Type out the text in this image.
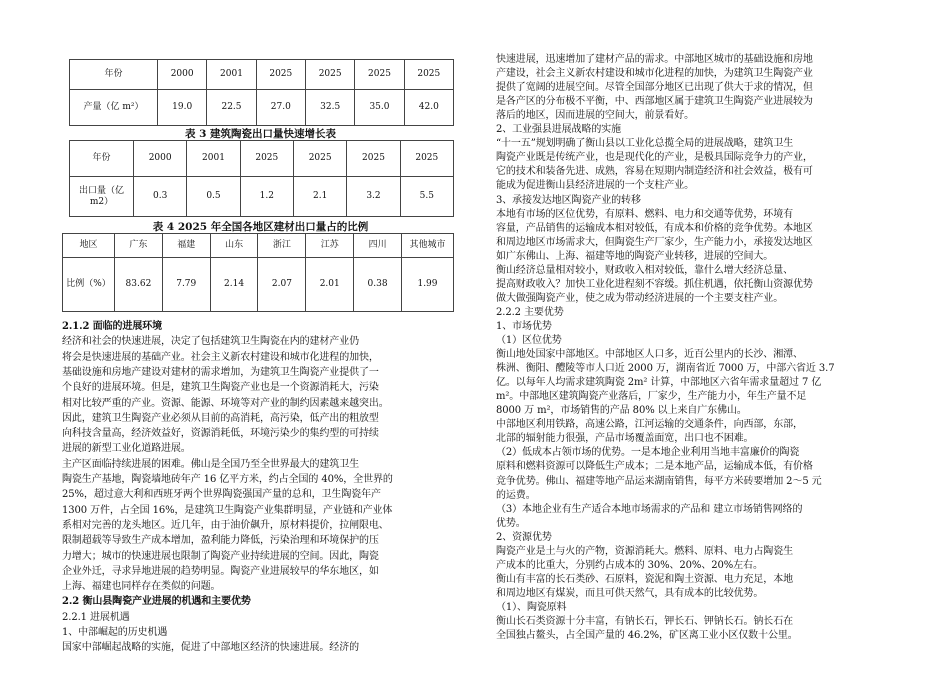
年份	2000	2001	2025	2025	2025	2025
产量（亿 m²）	19.0	22.5	27.0	32.5	35.0	42.0
表 3 建筑陶瓷出口量快速增长表
年份	2000	2001	2025	2025	2025	2025
出口量（亿 m2）	0.3	0.5	1.2	2.1	3.2	5.5
表 4 2025 年全国各地区建材出口量占的比例
地区	广东	福建	山东	浙江	江苏	四川	其他城市
比例（%）	83.62	7.79	2.14	2.07	2.01	0.38	1.99
2.1.2 面临的进展环境
经济和社会的快速进展，决定了包括建筑卫生陶瓷在内的建材产业仍
将会是快速进展的基础产业。社会主义新农村建设和城市化进程的加快，
基础设施和房地产建设对建材的需求增加，为建筑卫生陶瓷产业提供了一
个良好的进展环境。但是，建筑卫生陶瓷产业也是一个资源消耗大，污染
相对比较严重的产业。资源、能源、环境等对产业的制约因素越来越突出。
因此，建筑卫生陶瓷产业必须从目前的高消耗，高污染，低产出的粗放型
向科技含量高，经济效益好，资源消耗低，环境污染少的集约型的可持续
进展的新型工业化道路进展。
主产区面临持续进展的困难。佛山是全国乃至全世界最大的建筑卫生
陶瓷生产基地，陶瓷墙地砖年产 16 亿平方米，约占全国的 40%，全世界的
25%，超过意大利和西班牙两个世界陶瓷强国产量的总和，卫生陶瓷年产
1300 万件，占全国 16%，是建筑卫生陶瓷产业集群明显，产业链和产业体
系相对完善的龙头地区。近几年，由于油价飙升，原材料提价，拉闸限电、
限制超载等导致生产成本增加，盈利能力降低，污染治理和环境保护的压
力增大；城市的快速进展也限制了陶瓷产业持续进展的空间。因此，陶瓷
企业外迁，寻求异地进展的趋势明显。陶瓷产业进展较早的华东地区，如
上海、福建也同样存在类似的问题。
2.2 衡山县陶瓷产业进展的机遇和主要优势
2.2.1 进展机遇
1、中部崛起的历史机遇
国家中部崛起战略的实施，促进了中部地区经济的快速进展。经济的
快速进展，迅速增加了建材产品的需求。中部地区城市的基础设施和房地
产建设，社会主义新农村建设和城市化进程的加快，为建筑卫生陶瓷产业
提供了宽阔的进展空间。尽管全国部分地区已出现了供大于求的情况，但
是各产区的分布极不平衡，中、西部地区属于建筑卫生陶瓷产业进展较为
落后的地区，因而进展的空间大，前景看好。
2、工业强县进展战略的实施
“十一五”规划明确了衡山县以工业化总揽全局的进展战略，建筑卫生
陶瓷产业既是传统产业，也是现代化的产业，是极具国际竞争力的产业，
它的技术和装备先进、成熟，容易在短期内制造经济和社会效益，极有可
能成为促进衡山县经济进展的一个支柱产业。
3、承接发达地区陶瓷产业的转移
本地有市场的区位优势，有原料、燃料、电力和交通等优势，环境有
容量，产品销售的运输成本相对较低，有成本和价格的竞争优势。本地区
和周边地区市场需求大，但陶瓷生产厂家少，生产能力小，承接发达地区
如广东佛山、上海、福建等地的陶瓷产业转移，进展的空间大。
衡山经济总量相对较小，财政收入相对较低，靠什么增大经济总量、
提高财政收入？加快工业化进程刻不容缓。抓住机遇，依托衡山资源优势
做大做强陶瓷产业，使之成为带动经济进展的一个主要支柱产业。
2.2.2 主要优势
1、市场优势
（1）区位优势
衡山地处国家中部地区。中部地区人口多，近百公里内的长沙、湘潭、
株洲、衡阳、醴陵等市人口近 2000 万，湖南省近 7000 万，中部六省近 3.7
亿。以每年人均需求建筑陶瓷 2m² 计算，中部地区六省年需求量超过 7 亿
m²。中部地区建筑陶瓷产业落后，厂家少，生产能力小，年生产量不足
8000 万 m²，市场销售的产品 80% 以上来自广东佛山。
中部地区利用铁路，高速公路，江河运输的交通条件，向西部，东部，
北部的辐射能力很强，产品市场覆盖面宽，出口也不困难。
（2）低成本占领市场的优势。一是本地企业利用当地丰富廉价的陶瓷
原料和燃料资源可以降低生产成本；二是本地产品，运输成本低，有价格
竞争优势。佛山、福建等地产品运来湖南销售，每平方米砖要增加 2～5 元
的运费。
（3）本地企业有生产适合本地市场需求的产品和 建立市场销售网络的
优势。
2、资源优势
陶瓷产业是土与火的产物，资源消耗大。燃料、原料、电力占陶瓷生
产成本的比重大，分别约占成本的 30%、20%、20%左右。
衡山有丰富的长石类砂、石原料，瓷泥和陶土资源、电力充足，本地
和周边地区有煤炭，而且可供天然气，具有成本的比较优势。
（1）、陶瓷原料
衡山长石类资源十分丰富，有钠长石，钾长石、钾钠长石。钠长石在
全国独占鳌头，占全国产量的 46.2%，矿区离工业小区仅数十公里。
